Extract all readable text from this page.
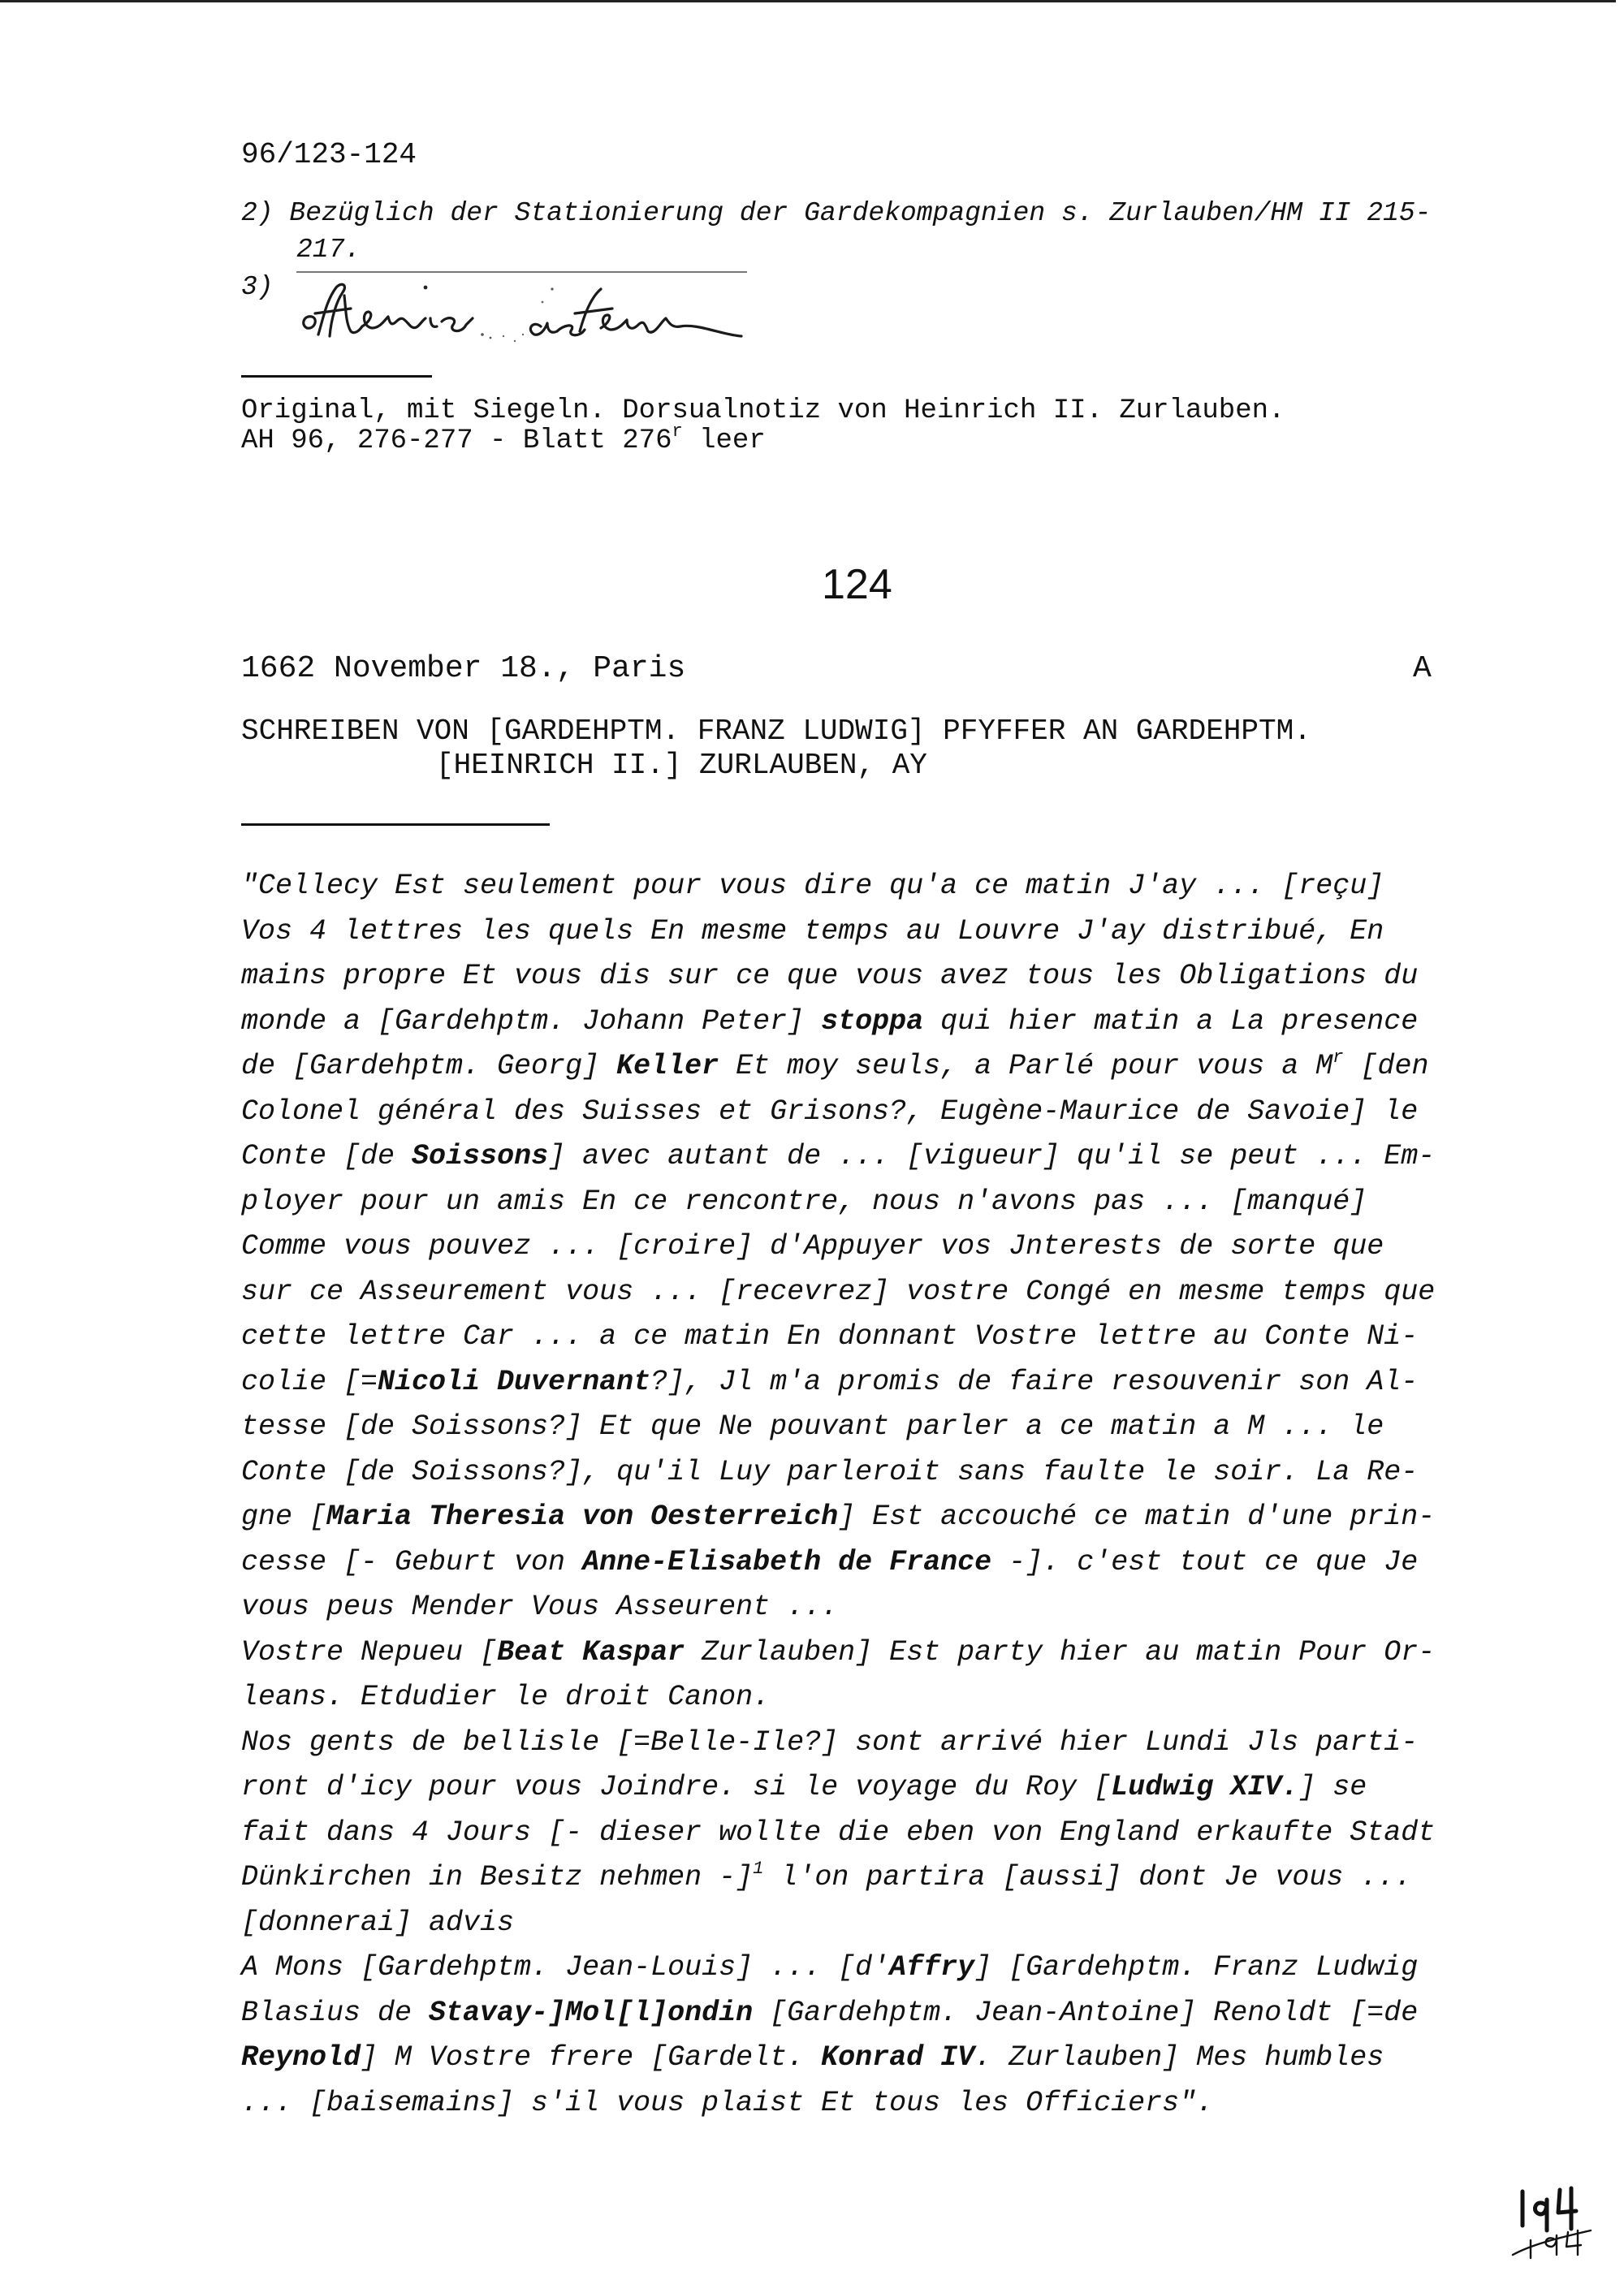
96/123-124
2) Bezüglich der Stationierung der Gardekompagnien s. Zurlauben/HM II 215-
217.
3)
Original, mit Siegeln. Dorsualnotiz von Heinrich II. Zurlauben.
AH 96, 276-277 - Blatt 276$^r$ leer
124
1662 November 18., Paris	A
SCHREIBEN VON [GARDEHPTM. FRANZ LUDWIG] PFYFFER AN GARDEHPTM.
[HEINRICH II.] ZURLAUBEN, AY
"Cellecy Est seulement pour vous dire qu'a ce matin J'ay ... [reçu]
Vos 4 lettres les quels En mesme temps au Louvre J'ay distribué, En
mains propre Et vous dis sur ce que vous avez tous les Obligations du
monde a [Gardehptm. Johann Peter] stoppa qui hier matin a La presence
de [Gardehptm. Georg] Keller Et moy seuls, a Parlé pour vous a $M^r$ [den
Colonel général des Suisses et Grisons?, Eugène-Maurice de Savoie] le
Conte [de Soissons] avec autant de ... [vigueur] qu'il se peut ... Em-
ployer pour un amis En ce rencontre, nous n'avons pas ... [manqué]
Comme vous pouvez ... [croire] d'Appuyer vos Jnterests de sorte que
sur ce Asseurement vous ... [recevrez] vostre Congé en mesme temps que
cette lettre Car ... a ce matin En donnant Vostre lettre au Conte Ni-
colie [=Nicoli Duvernant?], Jl m'a promis de faire resouvenir son Al-
tesse [de Soissons?] Et que Ne pouvant parler a ce matin a M ... le
Conte [de Soissons?], qu'il Luy parleroit sans faulte le soir. La Re-
gne [Maria Theresia von Oesterreich] Est accouché ce matin d'une prin-
cesse [- Geburt von Anne-Elisabeth de France -]. c'est tout ce que Je
vous peus Mender Vous Asseurent ...
Vostre Nepueu [Beat Kaspar Zurlauben] Est party hier au matin Pour Or-
leans. Etdudier le droit Canon.
Nos gents de bellisle [=Belle-Ile?] sont arrivé hier Lundi Jls parti-
ront d'icy pour vous Joindre. si le voyage du Roy [Ludwig XIV.] se
fait dans 4 Jours [- dieser wollte die eben von England erkaufte Stadt
Dünkirchen in Besitz nehmen -]$^1$ l'on partira [aussi] dont Je vous ...
[donnerai] advis
A Mons [Gardehptm. Jean-Louis] ... [d'Affry] [Gardehptm. Franz Ludwig
Blasius de Stavay-]Mol[l]ondin [Gardehptm. Jean-Antoine] Renoldt [=de
Reynold] M Vostre frere [Gardelt. Konrad IV. Zurlauben] Mes humbles
... [baisemains] s'il vous plaist Et tous les Officiers".
